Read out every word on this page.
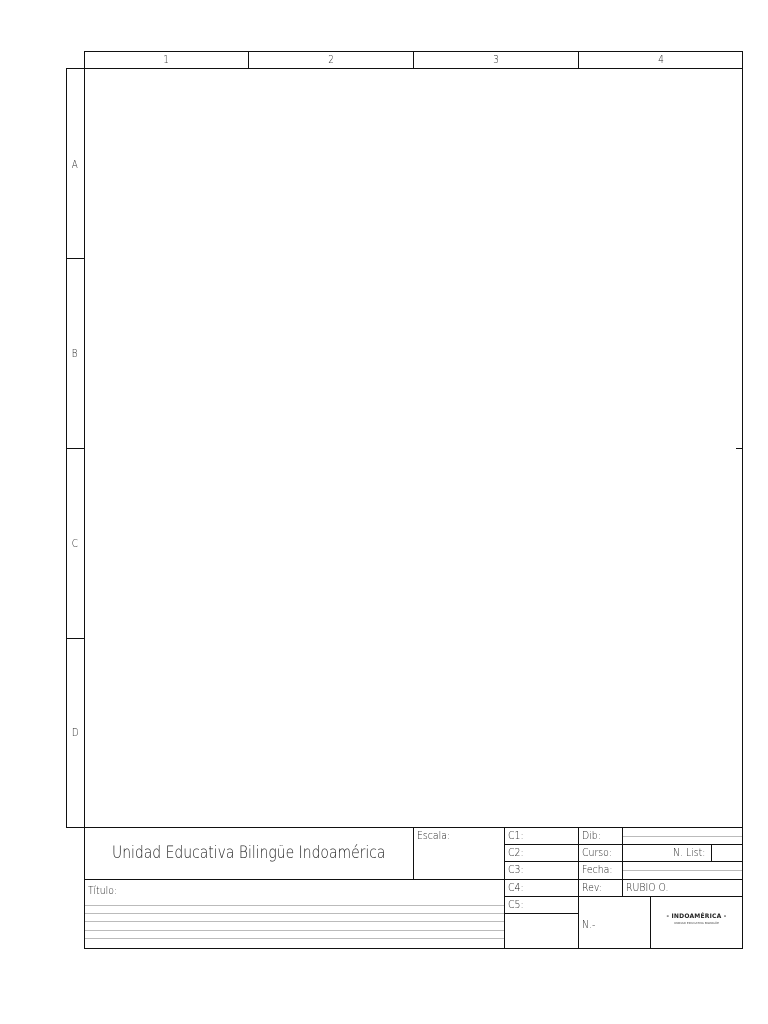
1	2	3	4
A
B
C
D
Unidad Educativa Bilingüe Indoamérica
Escala:
Título:
C1:
C2:
C3:
C4:
C5:
Dib:
Curso:	N. List:
Fecha:
Rev: RUBIO O.
N.-
- INDOAMÉRICA -
UNIDAD EDUCATIVA BILINGÜE
